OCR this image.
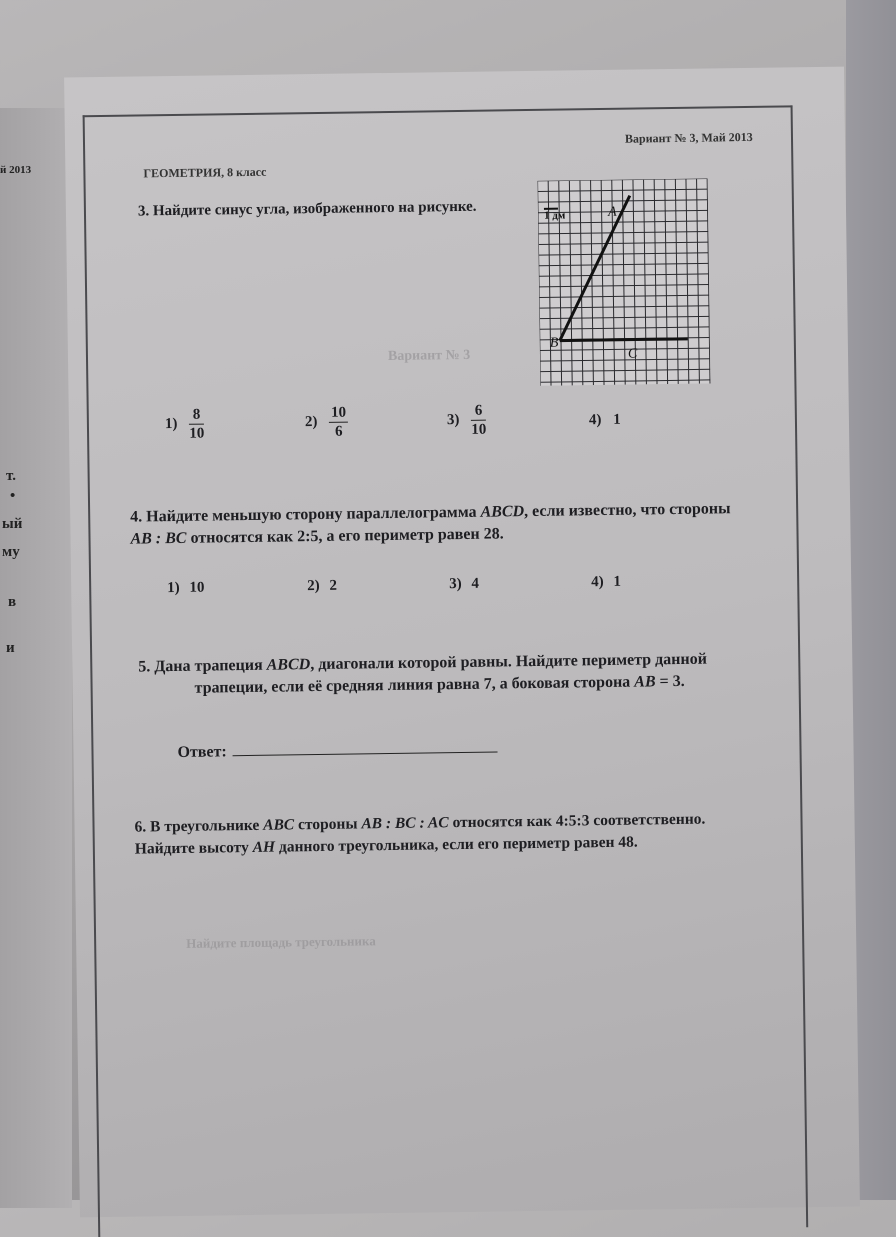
й 2013
т.
•
ый
му
в
и
Вариант № 3
Найдите площадь треугольника
ГЕОМЕТРИЯ, 8 класс
Вариант № 3, Май 2013

3. Найдите синус угла, изображенного на рисунке.	1 дм	A
B
C
$1) \frac{8}{10}$	$2) \frac{10}{6}$	$3) \frac{6}{10}$	4) 1

4. Найдите меньшую сторону параллелограмма ABCD, если известно, что стороны

AB : BC относятся как 2:5, а его периметр равен 28.

1) 10	2) 2	3) 4	4) 1

5. Дана трапеция ABCD, диагонали которой равны. Найдите периметр данной

трапеции, если её средняя линия равна 7, а боковая сторона AB = 3.

Ответ:

6. В треугольнике ABC стороны AB : BC : AC относятся как 4:5:3 соответственно.

Найдите высоту AH данного треугольника, если его периметр равен 48.
